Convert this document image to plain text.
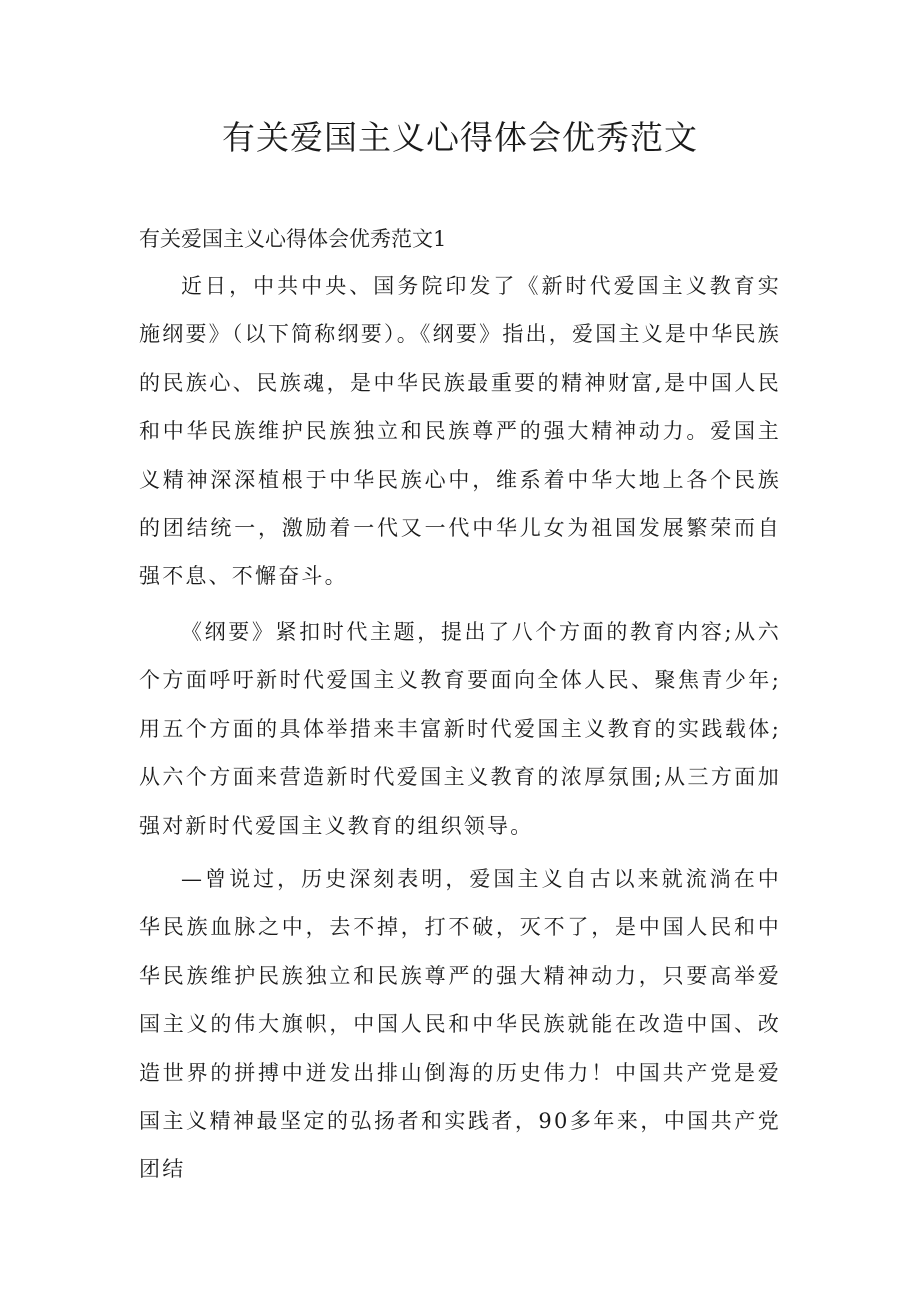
有关爱国主义心得体会优秀范文
有关爱国主义心得体会优秀范文1

近日，中共中央、国务院印发了《新时代爱国主义教育实施纲要》（以下简称纲要）。《纲要》指出，爱国主义是中华民族的民族心、民族魂，是中华民族最重要的精神财富,是中国人民和中华民族维护民族独立和民族尊严的强大精神动力。爱国主义精神深深植根于中华民族心中，维系着中华大地上各个民族的团结统一，激励着一代又一代中华儿女为祖国发展繁荣而自强不息、不懈奋斗。

《纲要》紧扣时代主题，提出了八个方面的教育内容;从六个方面呼吁新时代爱国主义教育要面向全体人民、聚焦青少年;用五个方面的具体举措来丰富新时代爱国主义教育的实践载体;从六个方面来营造新时代爱国主义教育的浓厚氛围;从三方面加强对新时代爱国主义教育的组织领导。

—曾说过，历史深刻表明，爱国主义自古以来就流淌在中华民族血脉之中，去不掉，打不破，灭不了，是中国人民和中华民族维护民族独立和民族尊严的强大精神动力，只要高举爱国主义的伟大旗帜，中国人民和中华民族就能在改造中国、改造世界的拼搏中迸发出排山倒海的历史伟力！中国共产党是爱国主义精神最坚定的弘扬者和实践者，90多年来，中国共产党团结
